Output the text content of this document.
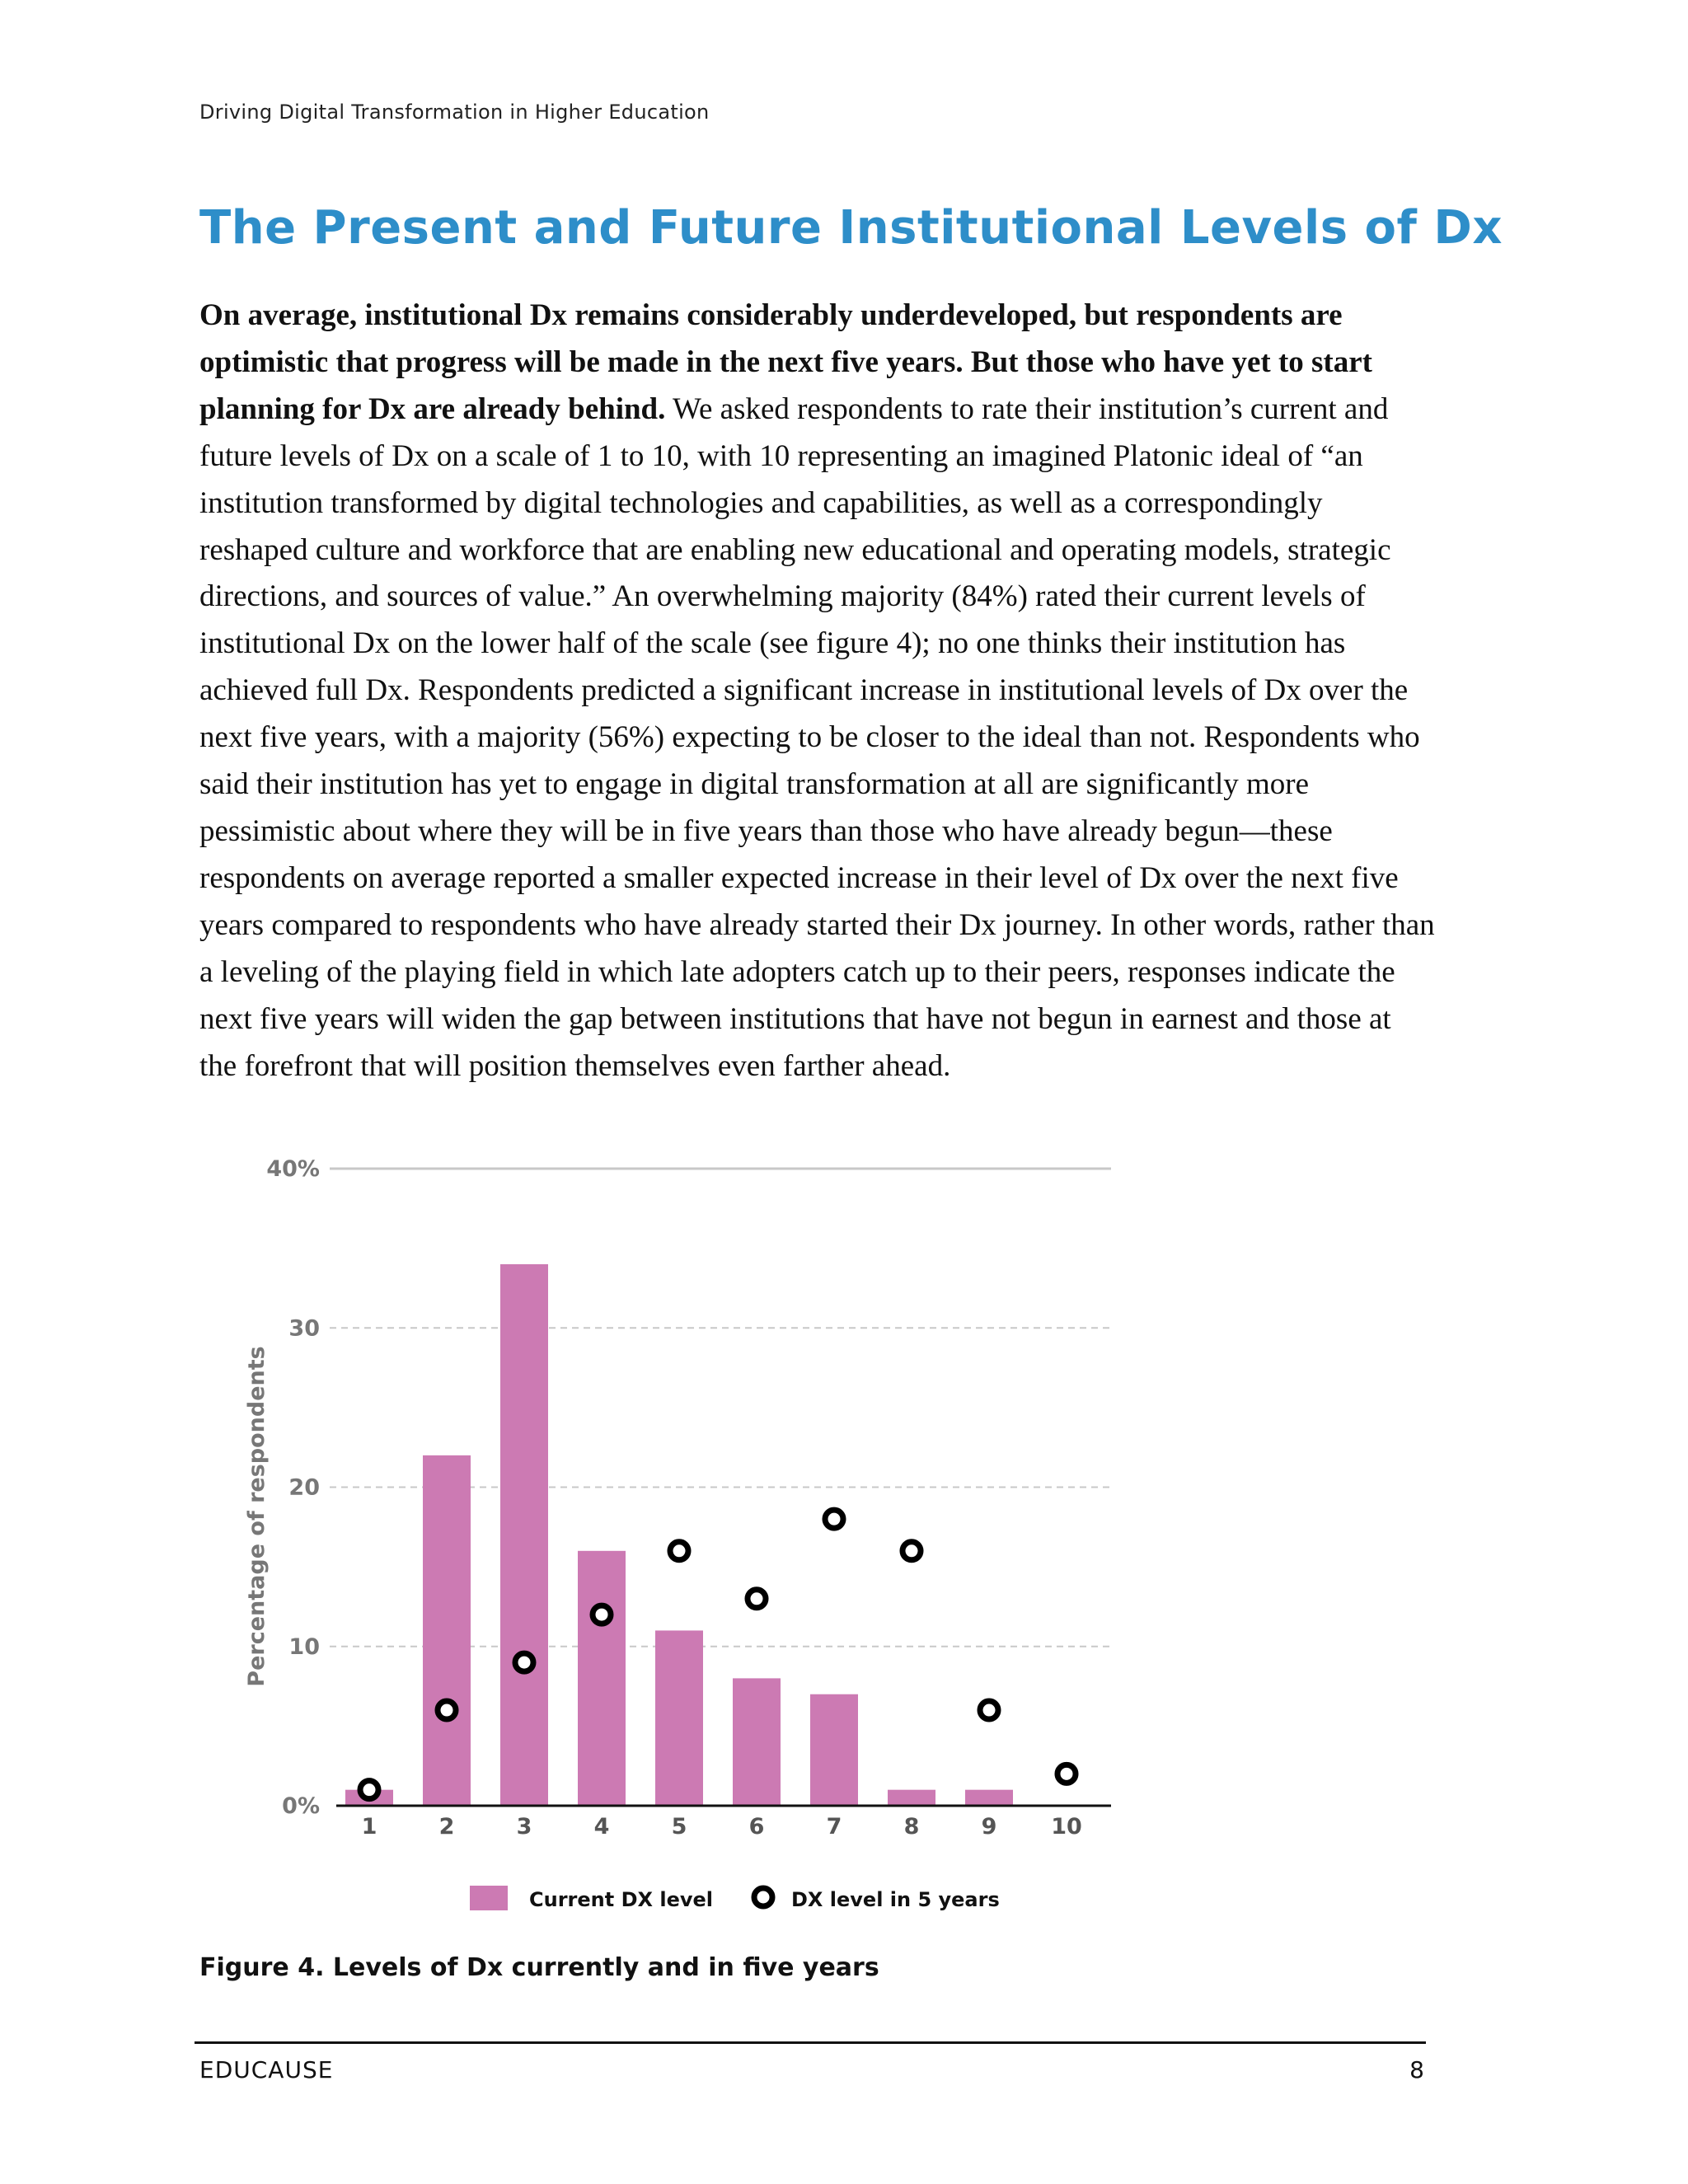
Driving Digital Transformation in Higher Education
The Present and Future Institutional Levels of Dx

On average, institutional Dx remains considerably underdeveloped, but respondents are optimistic that progress will be made in the next five years. But those who have yet to start planning for Dx are already behind. We asked respondents to rate their institution’s current and future levels of Dx on a scale of 1 to 10, with 10 representing an imagined Platonic ideal of “an institution transformed by digital technologies and capabilities, as well as a correspondingly reshaped culture and workforce that are enabling new educational and operating models, strategic directions, and sources of value.” An overwhelming majority (84%) rated their current levels of institutional Dx on the lower half of the scale (see figure 4); no one thinks their institution has achieved full Dx. Respondents predicted a significant increase in institutional levels of Dx over the next five years, with a majority (56%) expecting to be closer to the ideal than not. Respondents who said their institution has yet to engage in digital transformation at all are significantly more pessimistic about where they will be in five years than those who have already begun—these respondents on average reported a smaller expected increase in their level of Dx over the next five years compared to respondents who have already started their Dx journey. In other words, rather than a leveling of the playing field in which late adopters catch up to their peers, responses indicate the next five years will widen the gap between institutions that have not begun in earnest and those at the forefront that will position themselves even farther ahead.

0%
10
20
30
40%
Percentage of respondents
1	2	3	4	5	6	7	8	9 10
Current DX level	DX level in 5 years
Figure 4. Levels of Dx currently and in five years
EDUCAUSE	8
